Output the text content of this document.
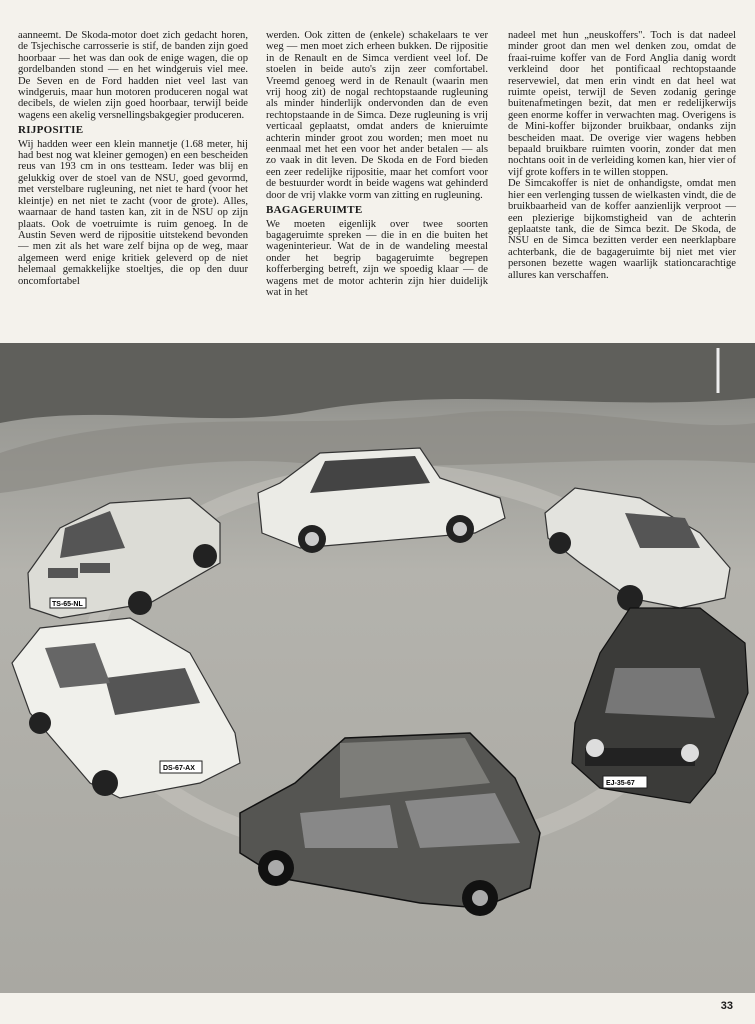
aanneemt. De Skoda-motor doet zich gedacht horen, de Tsjechische carrosserie is stif, de banden zijn goed hoorbaar — het was dan ook de enige wagen, die op gordelbanden stond — en het windgeruis viel mee. De Seven en de Ford hadden niet veel last van windgeruis, maar hun motoren produceren nogal wat decibels, de wielen zijn goed hoorbaar, terwijl beide wagens een akelig versnellingsbakgegier produceren.

RIJPOSITIE

Wij hadden weer een klein mannetje (1.68 meter, hij had best nog wat kleiner gemogen) en een bescheiden reus van 193 cm in ons testteam. Ieder was blij en gelukkig over de stoel van de NSU, goed gevormd, met verstelbare rugleuning, net niet te hard (voor het kleintje) en net niet te zacht (voor de grote). Alles, waarnaar de hand tasten kan, zit in de NSU op zijn plaats. Ook de voetruimte is ruim genoeg. In de Austin Seven werd de rijpositie uitstekend bevonden — men zit als het ware zelf bijna op de weg, maar algemeen werd enige kritiek geleverd op de niet helemaal gemakkelijke stoeltjes, die op den duur oncomfortabel

werden. Ook zitten de (enkele) schakelaars te ver weg — men moet zich erheen bukken. De rijpositie in de Renault en de Simca verdient veel lof. De stoelen in beide auto's zijn zeer comfortabel. Vreemd genoeg werd in de Renault (waarin men vrij hoog zit) de nogal rechtopstaande rugleuning als minder hinderlijk ondervonden dan de even rechtopstaande in de Simca. Deze rugleuning is vrij verticaal geplaatst, omdat anders de knieruimte achterin minder groot zou worden; men moet nu eenmaal met het een voor het ander betalen — als zo vaak in dit leven. De Skoda en de Ford bieden een zeer redelijke rijpositie, maar het comfort voor de bestuurder wordt in beide wagens wat gehinderd door de vrij vlakke vorm van zitting en rugleuning.

BAGAGERUIMTE

We moeten eigenlijk over twee soorten bagageruimte spreken — die in en die buiten het wageninterieur. Wat de in de wandeling meestal onder het begrip bagageruimte begrepen kofferberging betreft, zijn we spoedig klaar — de wagens met de motor achterin zijn hier duidelijk wat in het

nadeel met hun „neuskoffers". Toch is dat nadeel minder groot dan men wel denken zou, omdat de fraai-ruime koffer van de Ford Anglia danig wordt verkleind door het pontificaal rechtopstaande reservewiel, dat men erin vindt en dat heel wat ruimte opeist, terwijl de Seven zodanig geringe buitenafmetingen bezit, dat men er redelijkerwijs geen enorme koffer in verwachten mag. Overigens is de Mini-koffer bijzonder bruikbaar, ondanks zijn bescheiden maat. De overige vier wagens hebben bepaald bruikbare ruimten voorin, zonder dat men nochtans ooit in de verleiding komen kan, hier vier of vijf grote koffers in te willen stoppen.

De Simcakoffer is niet de onhandigste, omdat men hier een verlenging tussen de wielkasten vindt, die de bruikbaarheid van de koffer aanzienlijk verproot — een plezierige bijkomstigheid van de achterin geplaatste tank, die de Simca bezit. De Skoda, de NSU en de Simca bezitten verder een neerklapbare achterbank, die de bagageruimte bij niet met vier personen bezette wagen waarlijk stationcarachtige allures kan verschaffen.

DS-67-AX
EJ-35-67
TS-65-NL
33
